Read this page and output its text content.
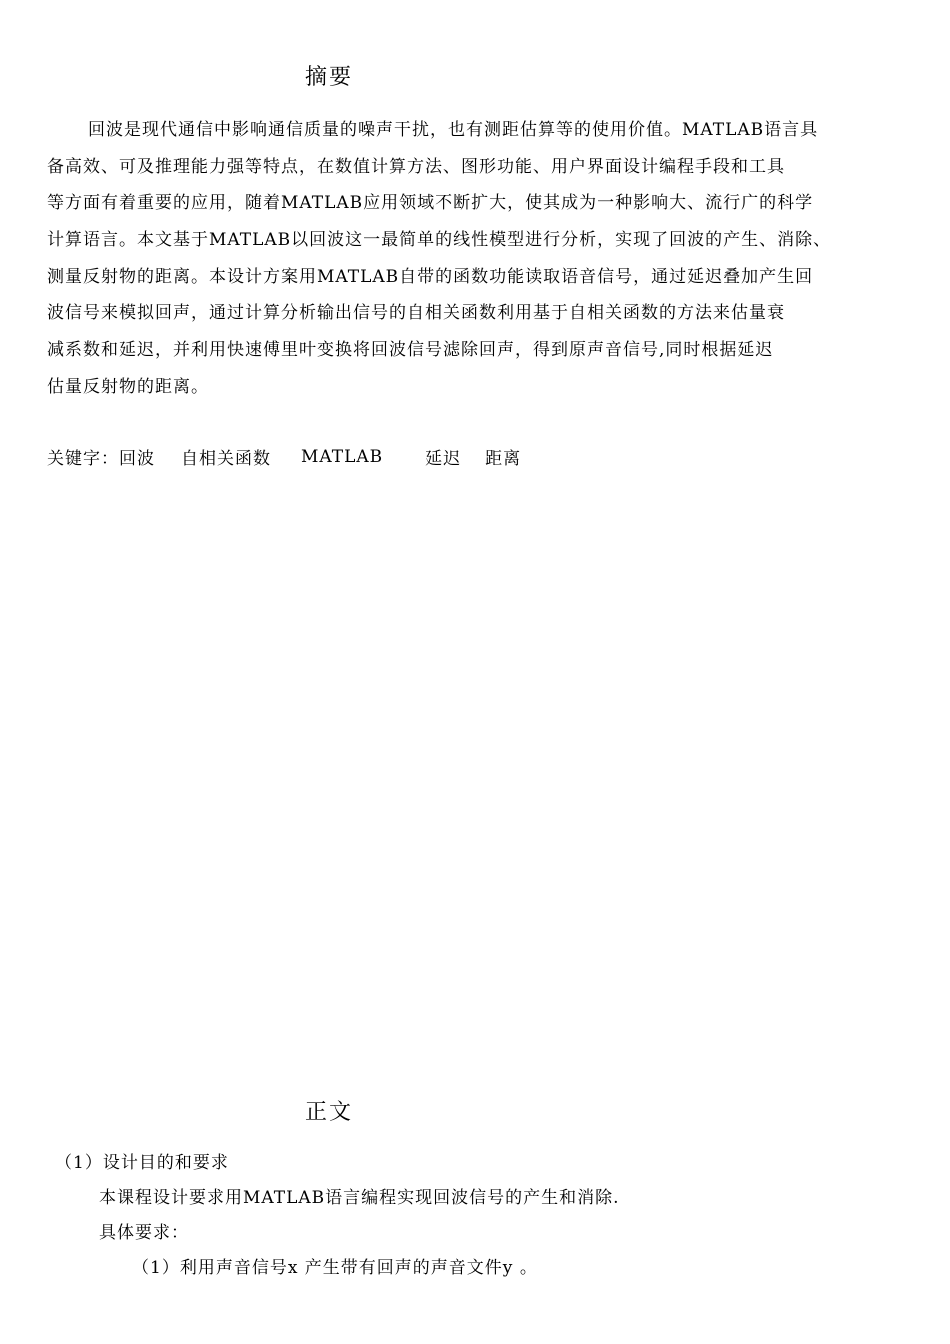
摘要
回波是现代通信中影响通信质量的噪声干扰，也有测距估算等的使用价值。MATLAB语言具
备高效、可及推理能力强等特点，在数值计算方法、图形功能、用户界面设计编程手段和工具
等方面有着重要的应用，随着MATLAB应用领域不断扩大，使其成为一种影响大、流行广的科学
计算语言。本文基于MATLAB以回波这一最简单的线性模型进行分析，实现了回波的产生、消除、
测量反射物的距离。本设计方案用MATLAB自带的函数功能读取语音信号，通过延迟叠加产生回
波信号来模拟回声，通过计算分析输出信号的自相关函数利用基于自相关函数的方法来估量衰
减系数和延迟，并利用快速傅里叶变换将回波信号滤除回声，得到原声音信号,同时根据延迟
估量反射物的距离。
关键字： 回波 自相关函数 MATLAB 延迟 距离
正文

（1）设计目的和要求

本课程设计要求用MATLAB语言编程实现回波信号的产生和消除.

具体要求：

（1）利用声音信号x 产生带有回声的声音文件y 。
